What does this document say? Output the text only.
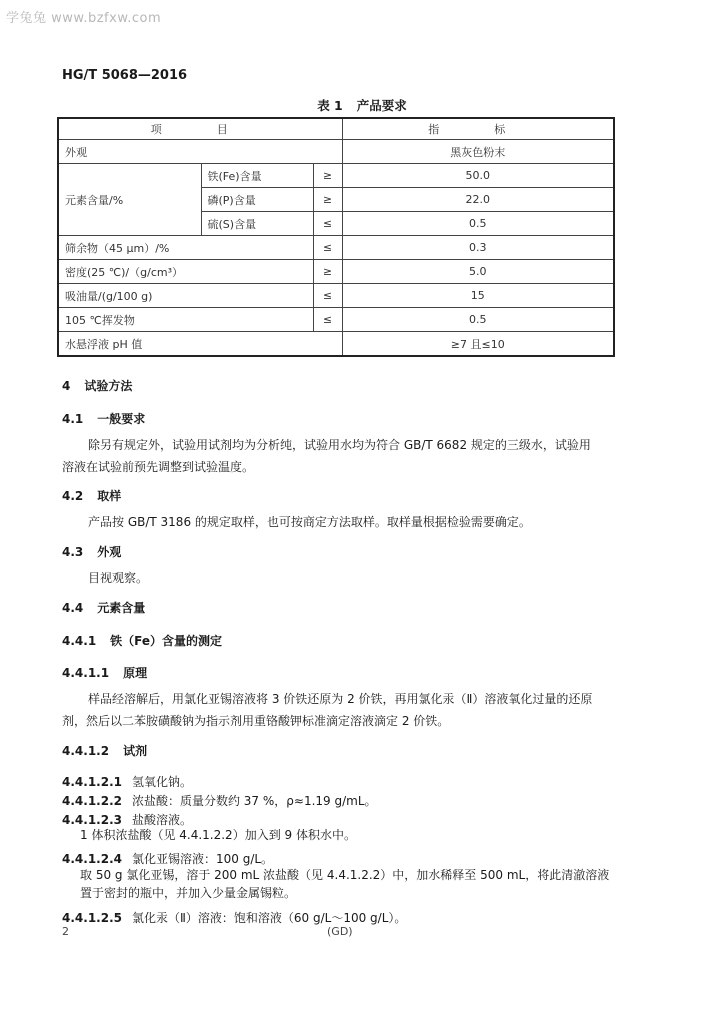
学兔兔 www.bzfxw.com
HG/T 5068—2016
表 1 产品要求
项　目			指　标
外观			黑灰色粉末
元素含量/%	铁(Fe)含量	≥	50.0
	磷(P)含量	≥	22.0
	硫(S)含量	≤	0.5
筛余物（45 μm）/%		≤	0.3
密度(25 ℃)/（g/cm³）		≥	5.0
吸油量/(g/100 g)		≤	15
105 ℃挥发物		≤	0.5
水悬浮液 pH 值			≥7 且≤10
4 试验方法
4.1 一般要求
除另有规定外，试验用试剂均为分析纯，试验用水均为符合 GB/T 6682 规定的三级水，试验用
溶液在试验前预先调整到试验温度。
4.2 取样
产品按 GB/T 3186 的规定取样，也可按商定方法取样。取样量根据检验需要确定。
4.3 外观
目视观察。
4.4 元素含量
4.4.1 铁（Fe）含量的测定
4.4.1.1 原理
样品经溶解后，用氯化亚锡溶液将 3 价铁还原为 2 价铁，再用氯化汞（Ⅱ）溶液氧化过量的还原
剂，然后以二苯胺磺酸钠为指示剂用重铬酸钾标准滴定溶液滴定 2 价铁。
4.4.1.2 试剂
4.4.1.2.1 氢氧化钠。
4.4.1.2.2 浓盐酸：质量分数约 37 %，ρ≈1.19 g/mL。
4.4.1.2.3 盐酸溶液。
1 体积浓盐酸（见 4.4.1.2.2）加入到 9 体积水中。
4.4.1.2.4 氯化亚锡溶液：100 g/L。
取 50 g 氯化亚锡，溶于 200 mL 浓盐酸（见 4.4.1.2.2）中，加水稀释至 500 mL，将此清澈溶液
置于密封的瓶中，并加入少量金属锡粒。
4.4.1.2.5 氯化汞（Ⅱ）溶液：饱和溶液（60 g/L～100 g/L）。
2	(GD)
